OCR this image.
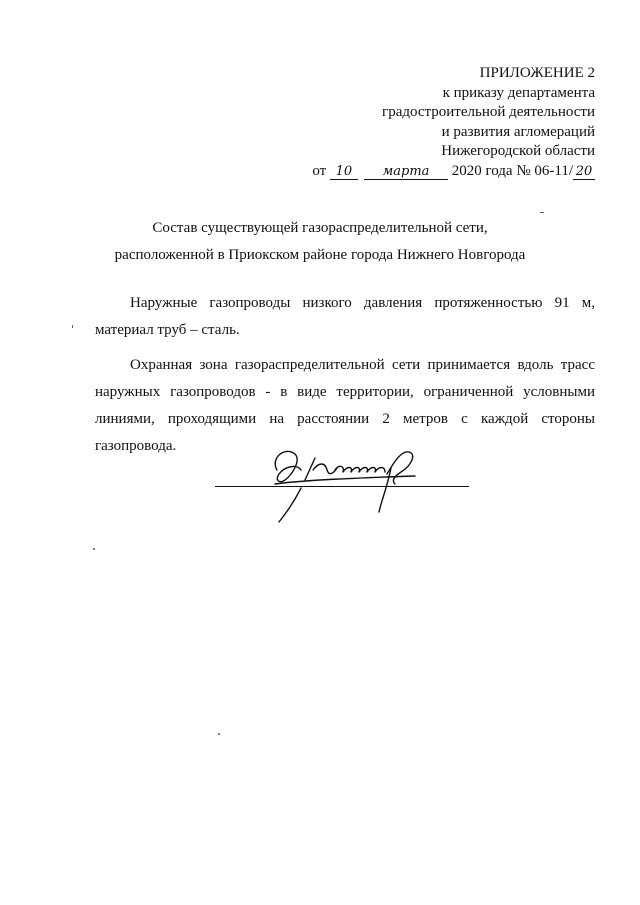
ПРИЛОЖЕНИЕ 2
к приказу департамента
градостроительной деятельности
и развития агломераций
Нижегородской области
от 10 марта 2020 года № 06-11/ 20
Состав существующей газораспределительной сети,
расположенной в Приокском районе города Нижнего Новгорода

Наружные газопроводы низкого давления протяженностью 91 м, материал труб – сталь.

Охранная зона газораспределительной сети принимается вдоль трасс наружных газопроводов - в виде территории, ограниченной условными линиями, проходящими на расстоянии 2 метров с каждой стороны газопровода.
